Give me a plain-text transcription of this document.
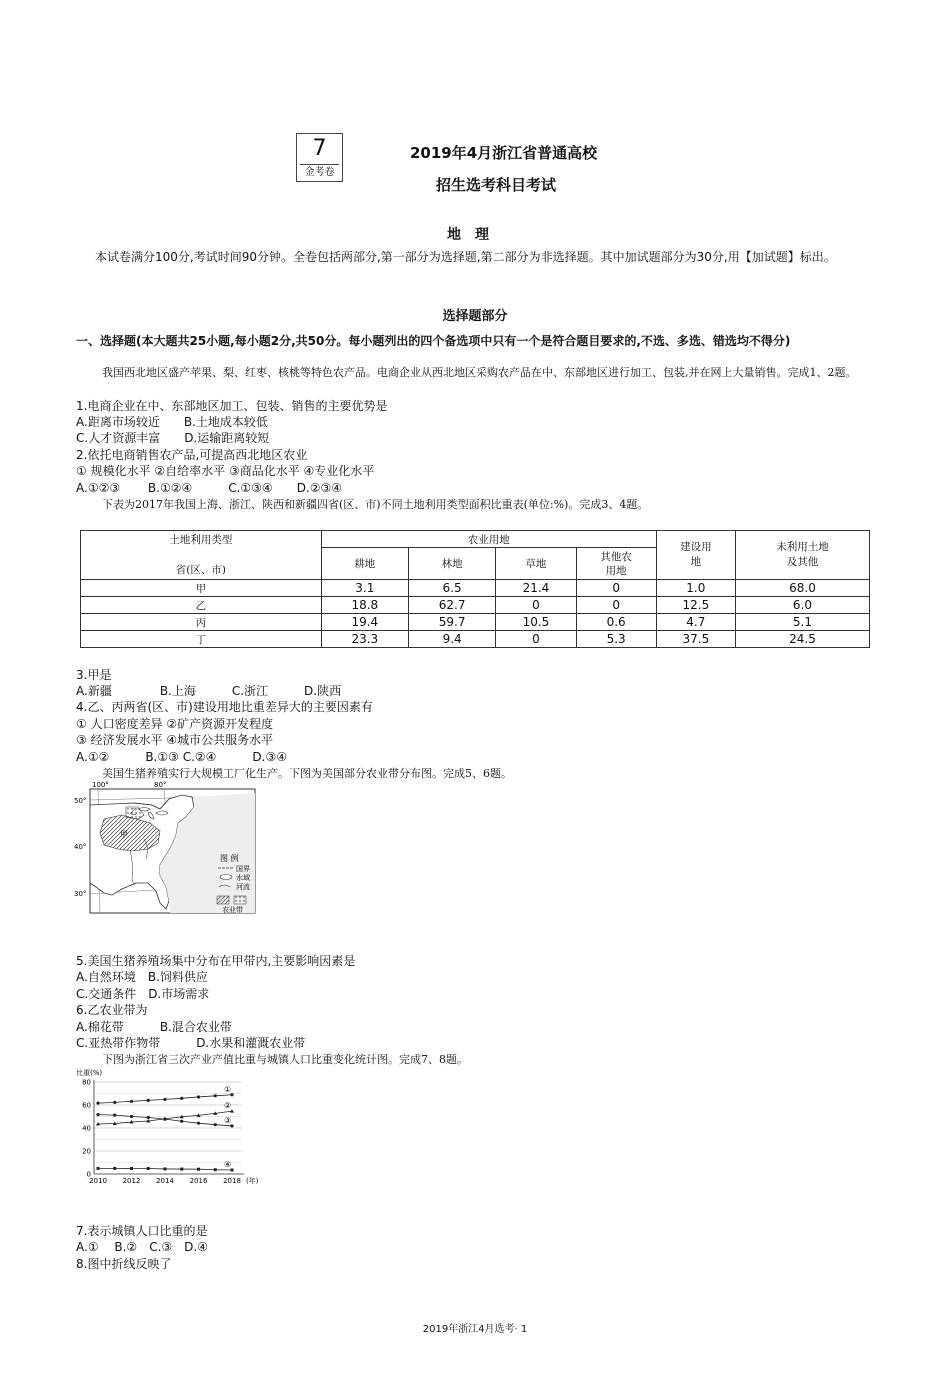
7
金考卷
2019年4月浙江省普通高校
招生选考科目考试
地理
本试卷满分100分,考试时间90分钟。全卷包括两部分,第一部分为选择题,第二部分为非选择题。其中加试题部分为30分,用【加试题】标出。
选择题部分
一、选择题(本大题共25小题,每小题2分,共50分。每小题列出的四个备选项中只有一个是符合题目要求的,不选、多选、错选均不得分)
我国西北地区盛产苹果、梨、红枣、核桃等特色农产品。电商企业从西北地区采购农产品在中、东部地区进行加工、包装,并在网上大量销售。完成1、2题。
1.电商企业在中、东部地区加工、包装、销售的主要优势是
A.距离市场较近　　B.土地成本较低
C.人才资源丰富　　D.运输距离较短
2.依托电商销售农产品,可提高西北地区农业
① 规模化水平 ②自给率水平 ③商品化水平 ④专业化水平
A.①②③　　 B.①②④　　　C.①③④　　D.②③④
下表为2017年我国上海、浙江、陕西和新疆四省(区、市)不同土地利用类型面积比重表(单位:%)。完成3、4题。
土地利用类型
省(区、市)	农业用地				建设用地	未利用土地及其他

	耕地	林地	草地	其他农用地		

甲	3.1	6.5	21.4	0	1.0	68.0
乙	18.8	62.7	0	0	12.5	6.0
丙	19.4	59.7	10.5	0.6	4.7	5.1
丁	23.3	9.4	0	5.3	37.5	24.5
3.甲是
A.新疆　　　　B.上海　　　C.浙江　　　D.陕西
4.乙、丙两省(区、市)建设用地比重差异大的主要因素有
① 人口密度差异 ②矿产资源开发程度
③ 经济发展水平 ④城市公共服务水平
A.①②　　　B.①③ C.②④　　　D.③④
美国生猪养殖实行大规模工厂化生产。下图为美国部分农业带分布图。完成5、6题。
100°	80°
50°
40°
30°
甲
乙
图 例
国界
水域
河流
农业带
5.美国生猪养殖场集中分布在甲带内,主要影响因素是
A.自然环境　B.饲料供应
C.交通条件　D.市场需求
6.乙农业带为
A.棉花带　　　B.混合农业带
C.亚热带作物带　　　D.水果和灌溉农业带
下图为浙江省三次产业产值比重与城镇人口比重变化统计图。完成7、8题。
比重(%)
0
20
40
60
80
2010 2012 2014 2016 2018 (年)
①
②
③
④
7.表示城镇人口比重的是
A.①　 B.②　C.③　D.④
8.图中折线反映了
2019年浙江4月选考· 1
